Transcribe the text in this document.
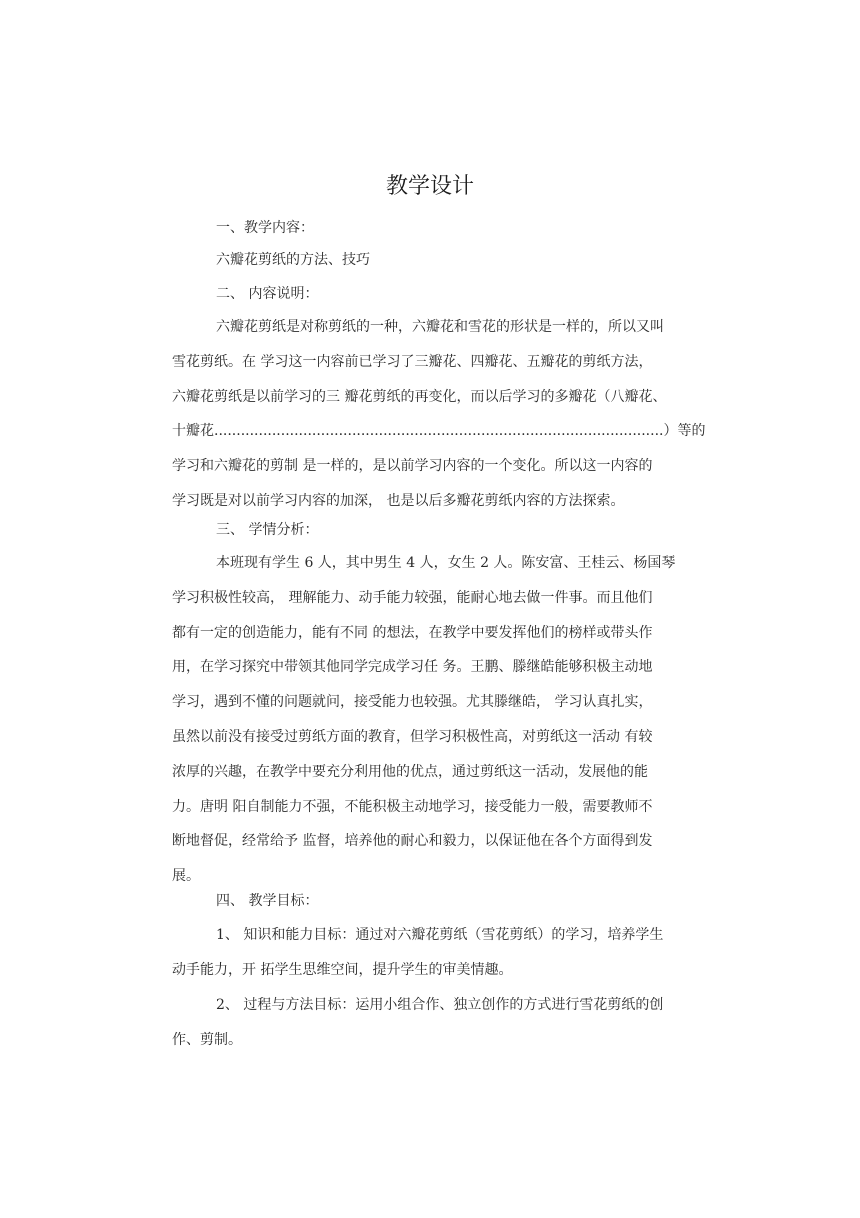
教学设计
一、教学内容：
六瓣花剪纸的方法、技巧
二、 内容说明：
六瓣花剪纸是对称剪纸的一种，六瓣花和雪花的形状是一样的，所以又叫
雪花剪纸。在 学习这一内容前已学习了三瓣花、四瓣花、五瓣花的剪纸方法，
六瓣花剪纸是以前学习的三 瓣花剪纸的再变化，而以后学习的多瓣花（八瓣花、
十瓣花.....................................................................................................）等的
学习和六瓣花的剪制 是一样的，是以前学习内容的一个变化。所以这一内容的
学习既是对以前学习内容的加深， 也是以后多瓣花剪纸内容的方法探索。
三、 学情分析：
本班现有学生 6 人，其中男生 4 人，女生 2 人。陈安富、王桂云、杨国琴
学习积极性较高， 理解能力、动手能力较强，能耐心地去做一件事。而且他们
都有一定的创造能力，能有不同 的想法，在教学中要发挥他们的榜样或带头作
用，在学习探究中带领其他同学完成学习任 务。王鹏、滕继皓能够积极主动地
学习，遇到不懂的问题就问，接受能力也较强。尤其滕继皓， 学习认真扎实，
虽然以前没有接受过剪纸方面的教育，但学习积极性高，对剪纸这一活动 有较
浓厚的兴趣，在教学中要充分利用他的优点，通过剪纸这一活动，发展他的能
力。唐明 阳自制能力不强，不能积极主动地学习，接受能力一般，需要教师不
断地督促，经常给予 监督，培养他的耐心和毅力，以保证他在各个方面得到发
展。
四、 教学目标：
1、 知识和能力目标：通过对六瓣花剪纸（雪花剪纸）的学习，培养学生
动手能力，开 拓学生思维空间，提升学生的审美情趣。
2、 过程与方法目标：运用小组合作、独立创作的方式进行雪花剪纸的创
作、剪制。
